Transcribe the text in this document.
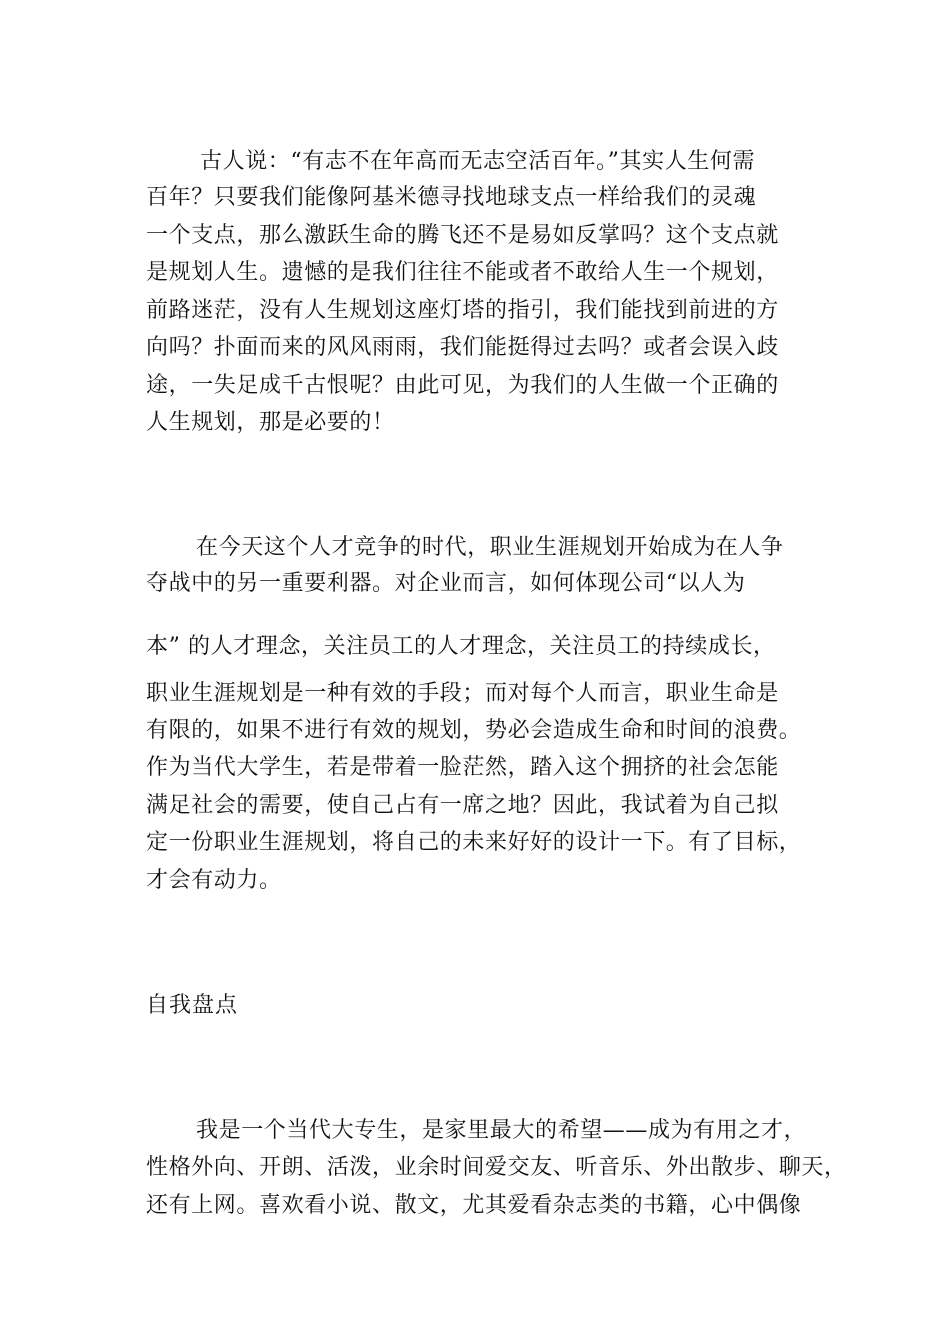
古人说：“有志不在年高而无志空活百年。”其实人生何需

百年？只要我们能像阿基米德寻找地球支点一样给我们的灵魂

一个支点，那么激跃生命的腾飞还不是易如反掌吗？这个支点就

是规划人生。遗憾的是我们往往不能或者不敢给人生一个规划，

前路迷茫，没有人生规划这座灯塔的指引，我们能找到前进的方

向吗？扑面而来的风风雨雨，我们能挺得过去吗？或者会误入歧

途，一失足成千古恨呢？由此可见，为我们的人生做一个正确的

人生规划，那是必要的！

在今天这个人才竞争的时代，职业生涯规划开始成为在人争

夺战中的另一重要利器。对企业而言，如何体现公司“以人为

本” 的人才理念，关注员工的人才理念，关注员工的持续成长，

职业生涯规划是一种有效的手段；而对每个人而言，职业生命是

有限的，如果不进行有效的规划，势必会造成生命和时间的浪费。

作为当代大学生，若是带着一脸茫然，踏入这个拥挤的社会怎能

满足社会的需要，使自己占有一席之地？因此，我试着为自己拟

定一份职业生涯规划，将自己的未来好好的设计一下。有了目标，

才会有动力。

自我盘点

我是一个当代大专生，是家里最大的希望——成为有用之才，

性格外向、开朗、活泼，业余时间爱交友、听音乐、外出散步、聊天，

还有上网。喜欢看小说、散文，尤其爱看杂志类的书籍，心中偶像
